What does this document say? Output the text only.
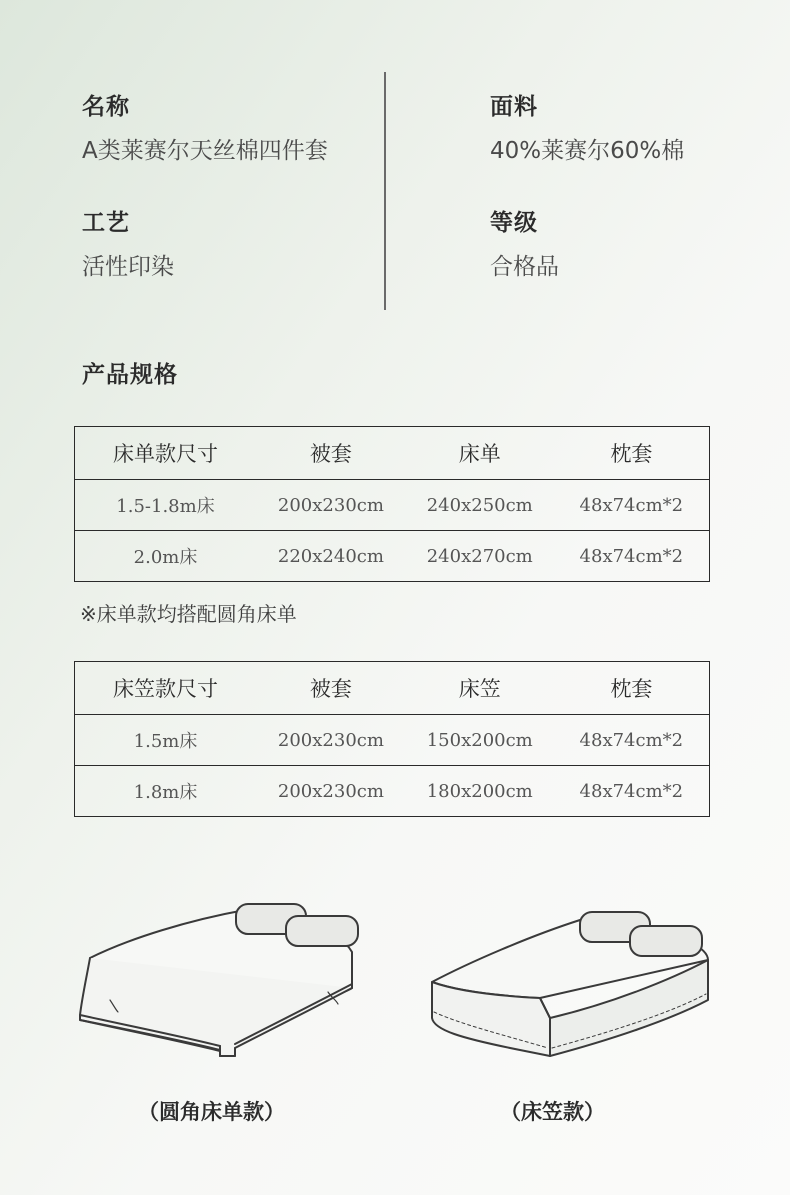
名称
A类莱赛尔天丝棉四件套
面料
40%莱赛尔60%棉
工艺
活性印染
等级
合格品
产品规格
床单款尺寸	被套	床单	枕套
1.5-1.8m床	200x230cm	240x250cm	48x74cm*2
2.0m床	220x240cm	240x270cm	48x74cm*2
※床单款均搭配圆角床单
床笠款尺寸	被套	床笠	枕套
1.5m床	200x230cm	150x200cm	48x74cm*2
1.8m床	200x230cm	180x200cm	48x74cm*2
（圆角床单款）	（床笠款）
